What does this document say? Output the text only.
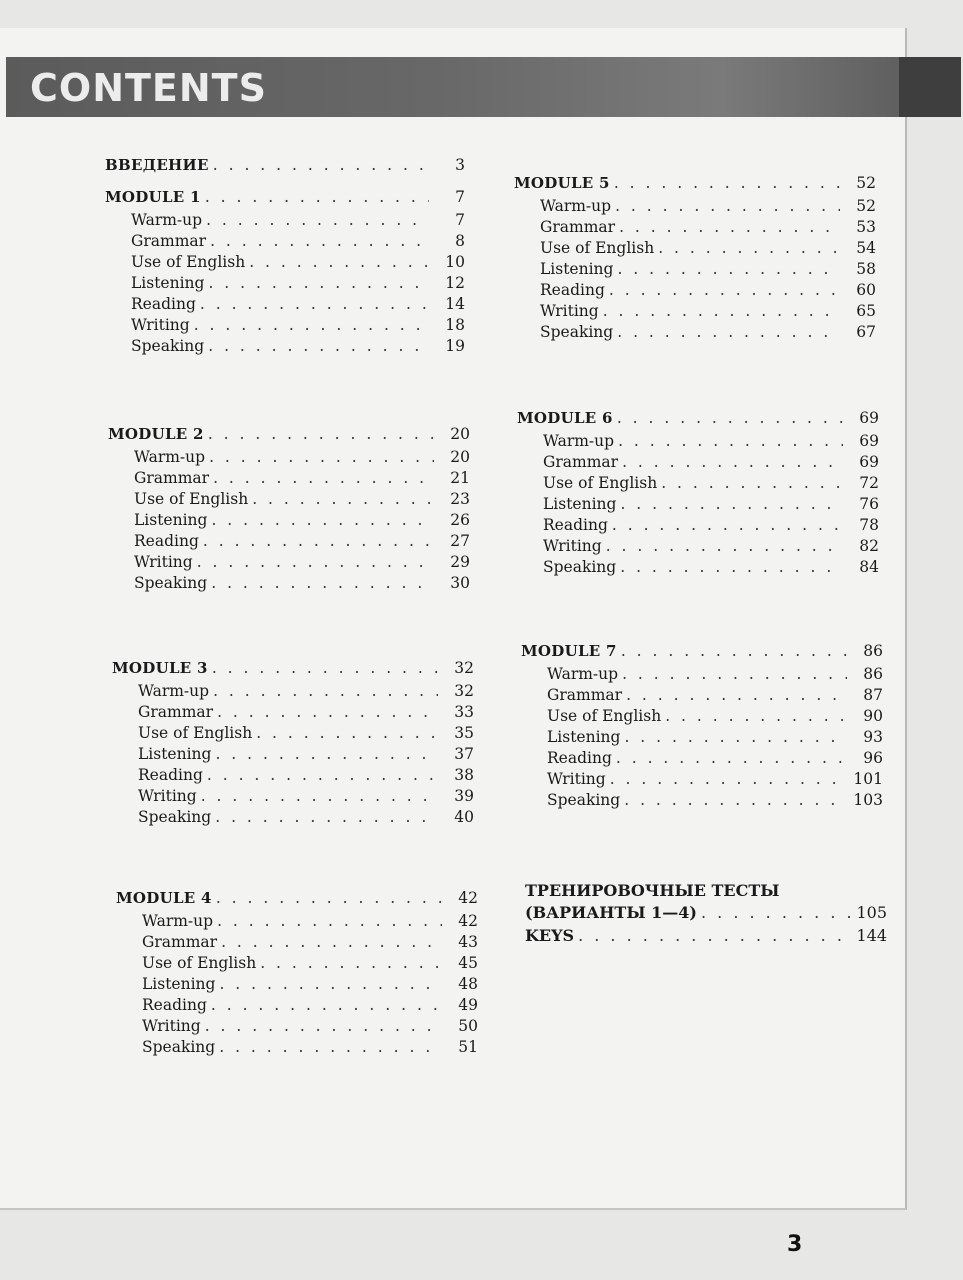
CONTENTS
ВВЕДЕНИЕ . . .	3
MODULE 1 . . .	7
Warm-up . . .	7
Grammar . . .	8
Use of English . . .	10
Listening . . .	12
Reading . . .	14
Writing . . .	18
Speaking . . .	19
MODULE 2 . . .	20
Warm-up . . .	20
Grammar . . .	21
Use of English . . .	23
Listening . . .	26
Reading . . .	27
Writing . . .	29
Speaking . . .	30
MODULE 3 . . .	32
Warm-up . . .	32
Grammar . . .	33
Use of English . . .	35
Listening . . .	37
Reading . . .	38
Writing . . .	39
Speaking . . .	40
MODULE 4 . . .	42
Warm-up . . .	42
Grammar . . .	43
Use of English . . .	45
Listening . . .	48
Reading . . .	49
Writing . . .	50
Speaking . . .	51
MODULE 5 . . .	52
Warm-up . . .	52
Grammar . . .	53
Use of English . . .	54
Listening . . .	58
Reading . . .	60
Writing . . .	65
Speaking . . .	67
MODULE 6 . . .	69
Warm-up . . .	69
Grammar . . .	69
Use of English . . .	72
Listening . . .	76
Reading . . .	78
Writing . . .	82
Speaking . . .	84
MODULE 7 . . .	86
Warm-up . . .	86
Grammar . . .	87
Use of English . . .	90
Listening . . .	93
Reading . . .	96
Writing . . .	101
Speaking . . .	103
ТРЕНИРОВОЧНЫЕ ТЕСТЫ
(ВАРИАНТЫ 1—4) . . .	105
KEYS . . .	144
3
